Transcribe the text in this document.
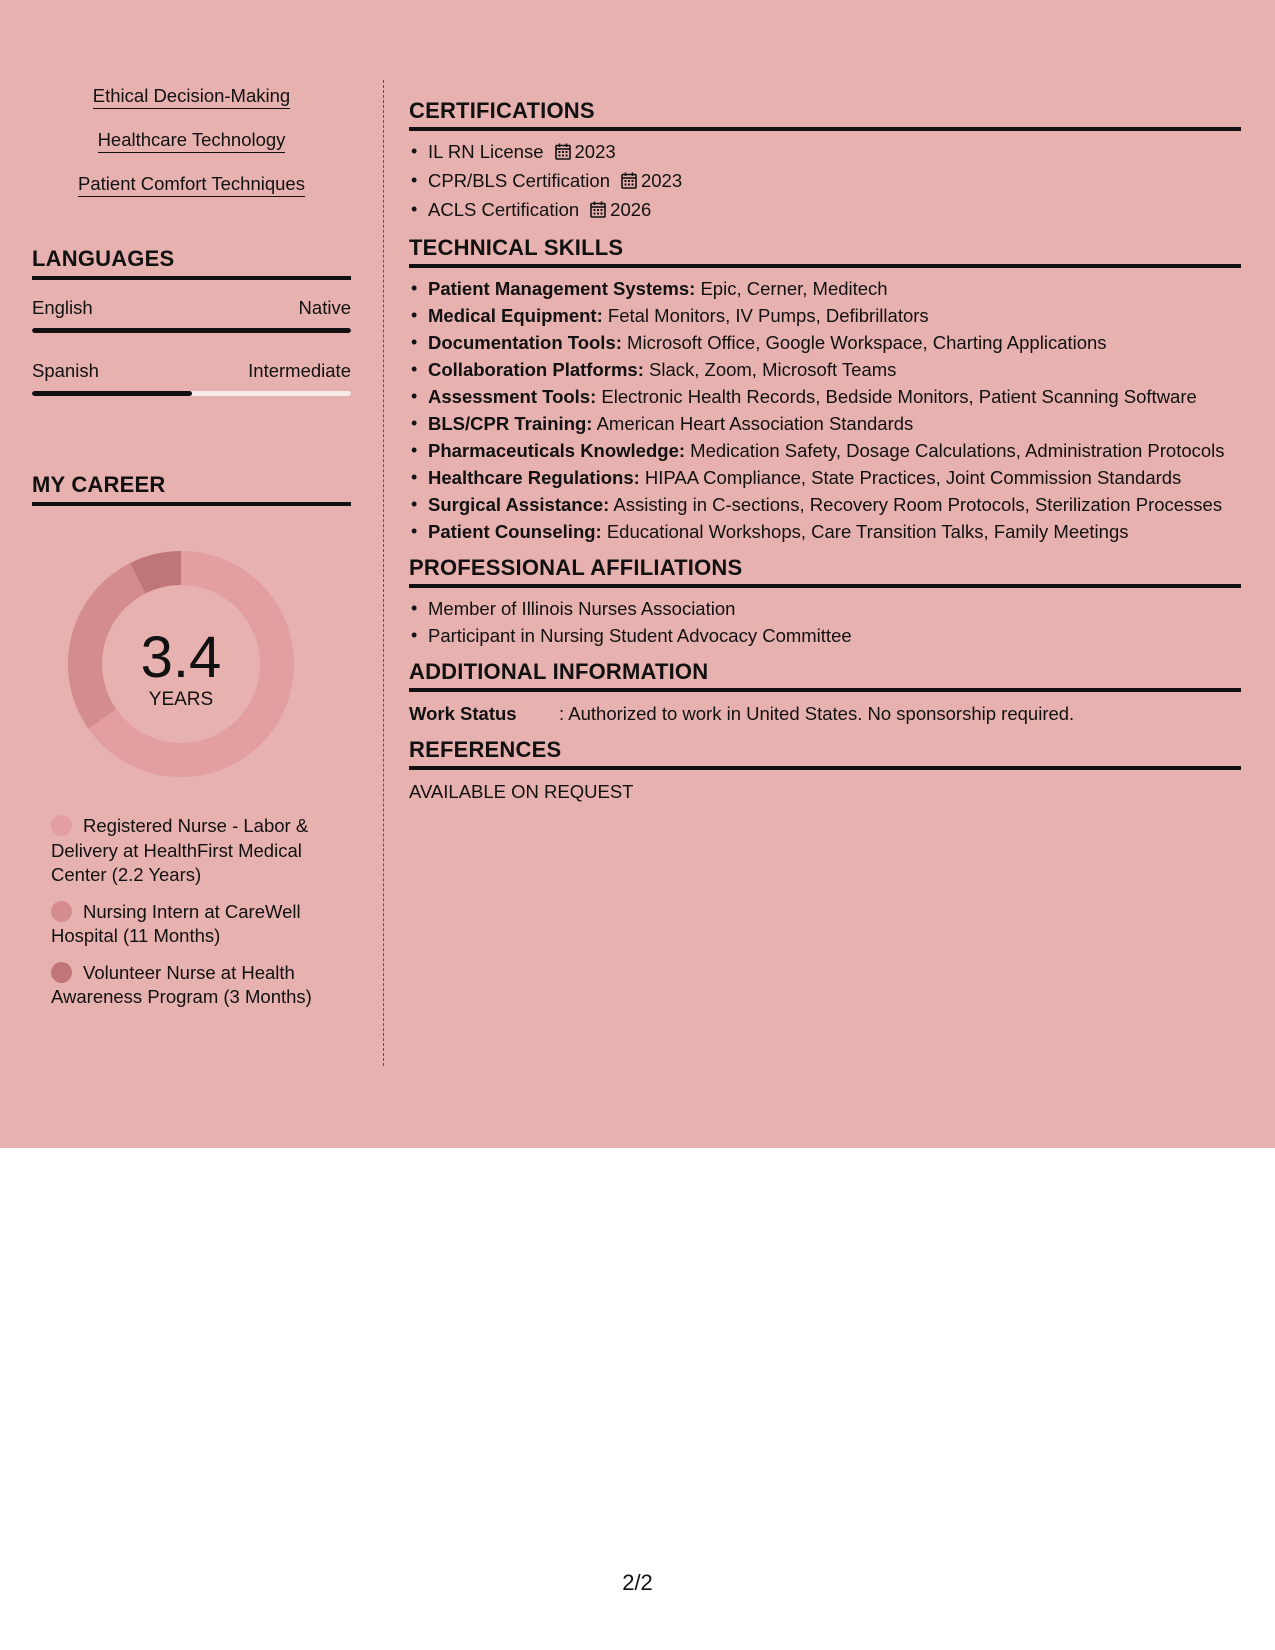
Ethical Decision-Making
Healthcare Technology
Patient Comfort Techniques
LANGUAGES
English	Native
Spanish	Intermediate
MY CAREER
3.4
YEARS
Registered Nurse - Labor & Delivery at HealthFirst Medical Center (2.2 Years)
Nursing Intern at CareWell Hospital (11 Months)
Volunteer Nurse at Health Awareness Program (3 Months)
CERTIFICATIONS
• IL RN License 2023
• CPR/BLS Certification 2023
• ACLS Certification 2026
TECHNICAL SKILLS
• Patient Management Systems: Epic, Cerner, Meditech
• Medical Equipment: Fetal Monitors, IV Pumps, Defibrillators
• Documentation Tools: Microsoft Office, Google Workspace, Charting Applications
• Collaboration Platforms: Slack, Zoom, Microsoft Teams
• Assessment Tools: Electronic Health Records, Bedside Monitors, Patient Scanning Software
• BLS/CPR Training: American Heart Association Standards
• Pharmaceuticals Knowledge: Medication Safety, Dosage Calculations, Administration Protocols
• Healthcare Regulations: HIPAA Compliance, State Practices, Joint Commission Standards
• Surgical Assistance: Assisting in C-sections, Recovery Room Protocols, Sterilization Processes
• Patient Counseling: Educational Workshops, Care Transition Talks, Family Meetings
PROFESSIONAL AFFILIATIONS
• Member of Illinois Nurses Association
• Participant in Nursing Student Advocacy Committee
ADDITIONAL INFORMATION
Work Status	: Authorized to work in United States. No sponsorship required.
REFERENCES
AVAILABLE ON REQUEST
2/2
